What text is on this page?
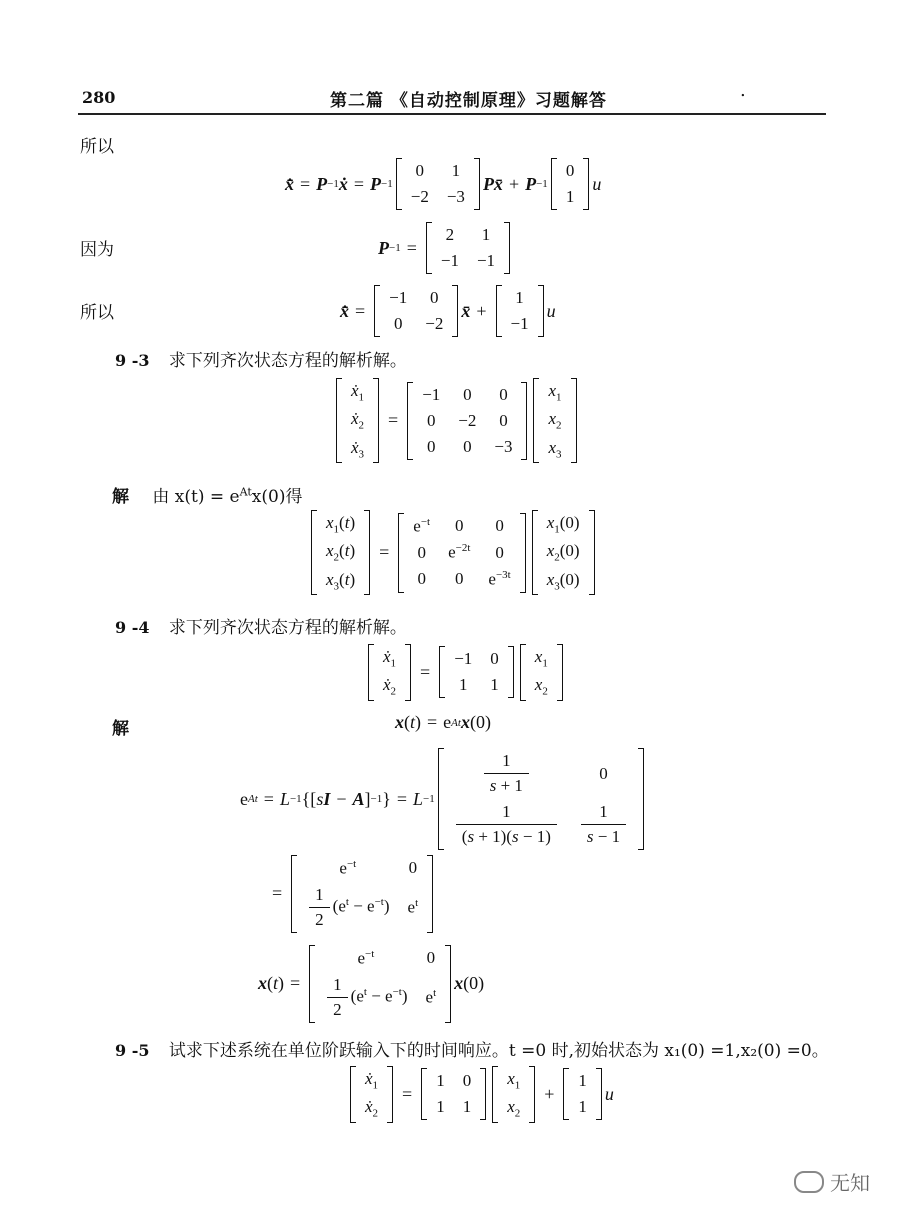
280	第二篇 《自动控制原理》习题解答	.
所以
x̄̇ = P −1 ẋ = P −1
0	1
−2	−3
Px̄ + P −1
0
1
u
因为	P −1 =
2	1
−1	−1
所以	x̄̇ =
−1	0
0	−2
x̄ +
1
−1
u
9 -3 求下列齐次状态方程的解析解。
ẋ$_1$
ẋ$_2$
ẋ$_3$
=
−1	0	0
0	−2	0
0	0	−3
$x_1$
$x_2$
$x_3$
解 由 $x(t) = e^{At}x(0)$得
$x_1(t)$
$x_2(t)$
$x_3(t)$
=
$e^{-t}$	0	0
0	$e^{-2t}$	0
0	0	$e^{-3t}$
$x_1(0)$
$x_2(0)$
$x_3(0)$
9 -4 求下列齐次状态方程的解析解。
ẋ$_1$
ẋ$_2$
=
−1	0
1	1
$x_1$
$x_2$
解	x ( t ) = e At x (0)
e At = L −1 {[ s I − A ] −1 } = L −1
$\frac{1}{s + 1}$	0

$\frac{1}{(s + 1)(s - 1)}$	$\frac{1}{s - 1}$
=
$e^{-t}$	0

$\frac{1}{2} (e^t - e^{-t})$	$e^t$
x ( t ) =
$e^{-t}$	0

$\frac{1}{2} (e^t - e^{-t})$	$e^t$ x (0)
9 -5 试求下述系统在单位阶跃输入下的时间响应。t =0 时,初始状态为 x₁(0) =1,x₂(0) =0。
ẋ$_1$
ẋ$_2$
=
1	0
1	1
$x_1$
$x_2$
+
1
1
u
无知
